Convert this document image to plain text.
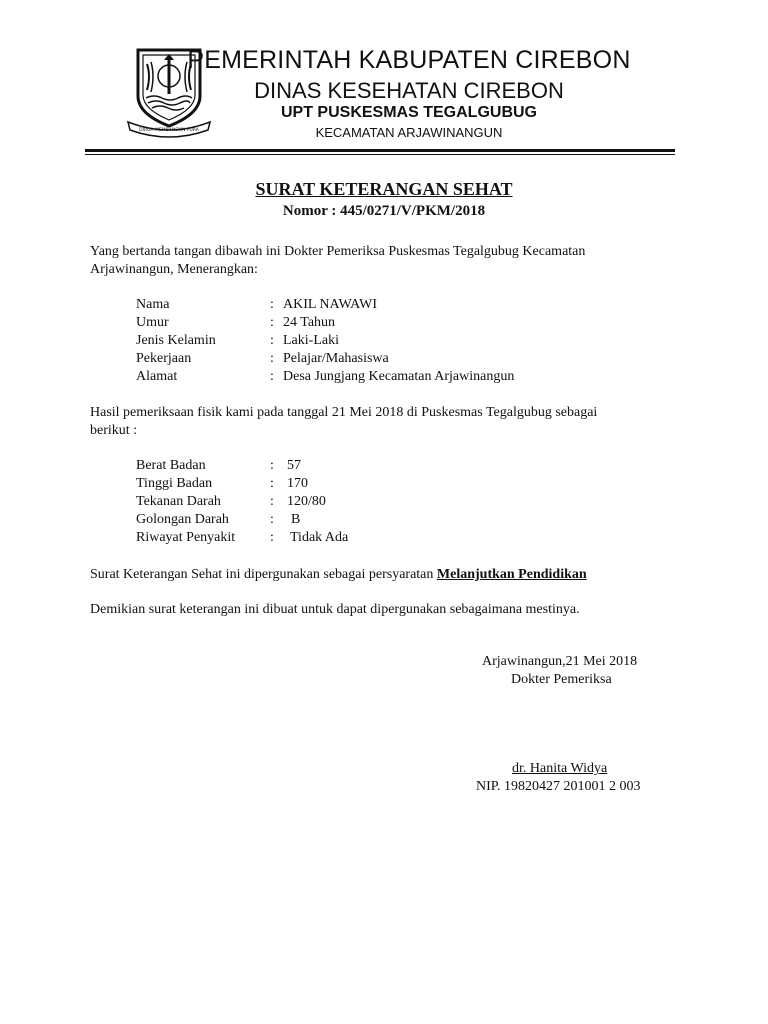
DIRGA MEMBANGUN PURA
PEMERINTAH KABUPATEN CIREBON
DINAS KESEHATAN CIREBON
UPT PUSKESMAS TEGALGUBUG
KECAMATAN ARJAWINANGUN
SURAT KETERANGAN SEHAT
Nomor : 445/0271/V/PKM/2018
Yang bertanda tangan dibawah ini Dokter Pemeriksa Puskesmas Tegalgubug Kecamatan
Arjawinangun, Menerangkan:
Nama	: AKIL NAWAWI
Umur	: 24 Tahun
Jenis Kelamin	: Laki-Laki
Pekerjaan	: Pelajar/Mahasiswa
Alamat	: Desa Jungjang Kecamatan Arjawinangun
Hasil pemeriksaan fisik kami pada tanggal 21 Mei 2018 di Puskesmas Tegalgubug sebagai
berikut :
Berat Badan	: 57
Tinggi Badan	: 170
Tekanan Darah	: 120/80
Golongan Darah	: B
Riwayat Penyakit : Tidak Ada
Surat Keterangan Sehat ini dipergunakan sebagai persyaratan Melanjutkan Pendidikan
Demikian surat keterangan ini dibuat untuk dapat dipergunakan sebagaimana mestinya.
Arjawinangun,21 Mei 2018
Dokter Pemeriksa
dr. Hanita Widya
NIP. 19820427 201001 2 003
